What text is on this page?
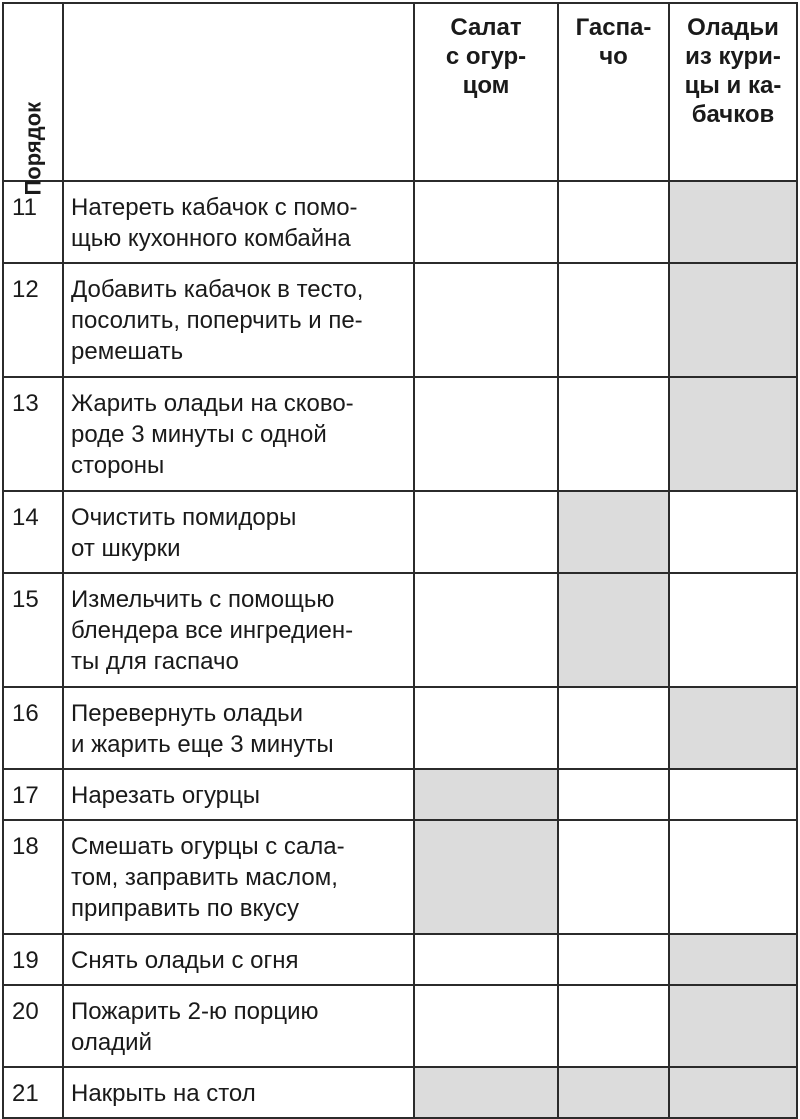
Порядок		Салат
с огур-
цом	Гаспа-
чо	Оладьи
из кури-
цы и ка-
бачков
11	Натереть кабачок с помо-
щью кухонного комбайна			
12	Добавить кабачок в тесто,
посолить, поперчить и пе-
ремешать			
13	Жарить оладьи на сково-
роде 3 минуты с одной
стороны			
14	Очистить помидоры
от шкурки			
15	Измельчить с помощью
блендера все ингредиен-
ты для гаспачо			
16	Перевернуть оладьи
и жарить еще 3 минуты			
17	Нарезать огурцы			
18	Смешать огурцы с сала-
том, заправить маслом,
приправить по вкусу			
19	Снять оладьи с огня			
20	Пожарить 2-ю порцию
оладий			
21	Накрыть на стол			
